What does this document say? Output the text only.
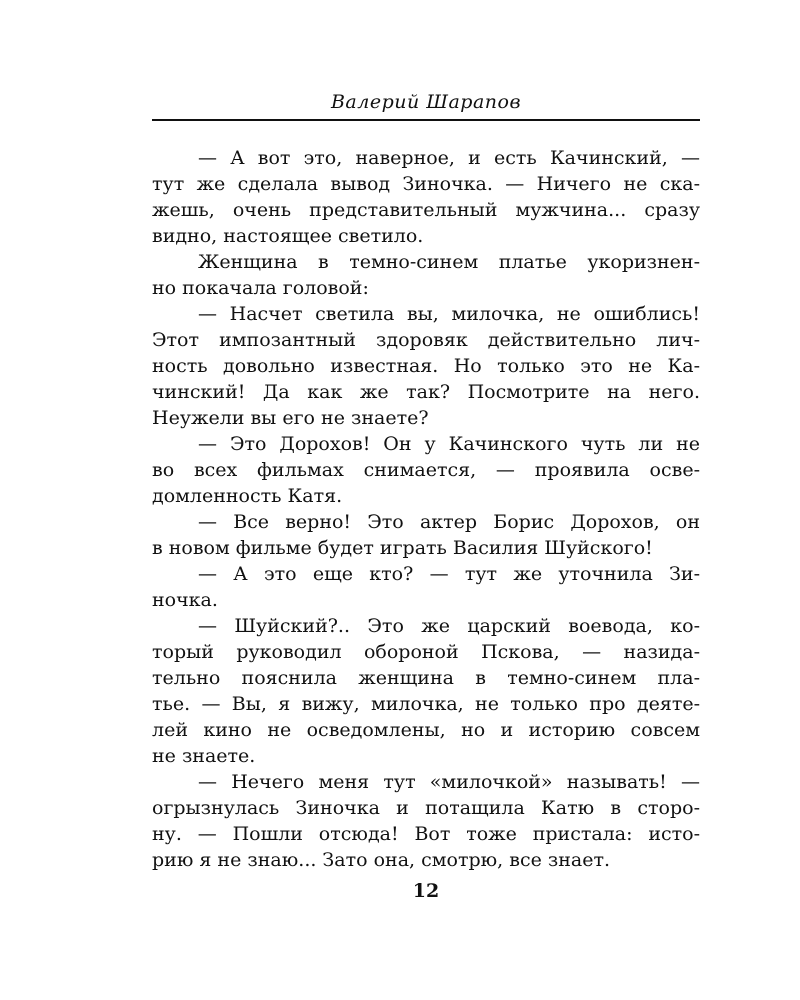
Валерий Шарапов
— А вот это, наверное, и есть Качинский, —
тут же сделала вывод Зиночка. — Ничего не ска-
жешь, очень представительный мужчина... сразу
видно, настоящее светило.
Женщина в темно-синем платье укоризнен-
но покачала головой:
— Насчет светила вы, милочка, не ошиблись!
Этот импозантный здоровяк действительно лич-
ность довольно известная. Но только это не Ка-
чинский! Да как же так? Посмотрите на него.
Неужели вы его не знаете?
— Это Дорохов! Он у Качинского чуть ли не
во всех фильмах снимается, — проявила осве-
домленность Катя.
— Все верно! Это актер Борис Дорохов, он
в новом фильме будет играть Василия Шуйского!
— А это еще кто? — тут же уточнила Зи-
ночка.
— Шуйский?.. Это же царский воевода, ко-
торый руководил обороной Пскова, — назида-
тельно пояснила женщина в темно-синем пла-
тье. — Вы, я вижу, милочка, не только про деяте-
лей кино не осведомлены, но и историю совсем
не знаете.
— Нечего меня тут «милочкой» называть! —
огрызнулась Зиночка и потащила Катю в сторо-
ну. — Пошли отсюда! Вот тоже пристала: исто-
рию я не знаю... Зато она, смотрю, все знает.
12
